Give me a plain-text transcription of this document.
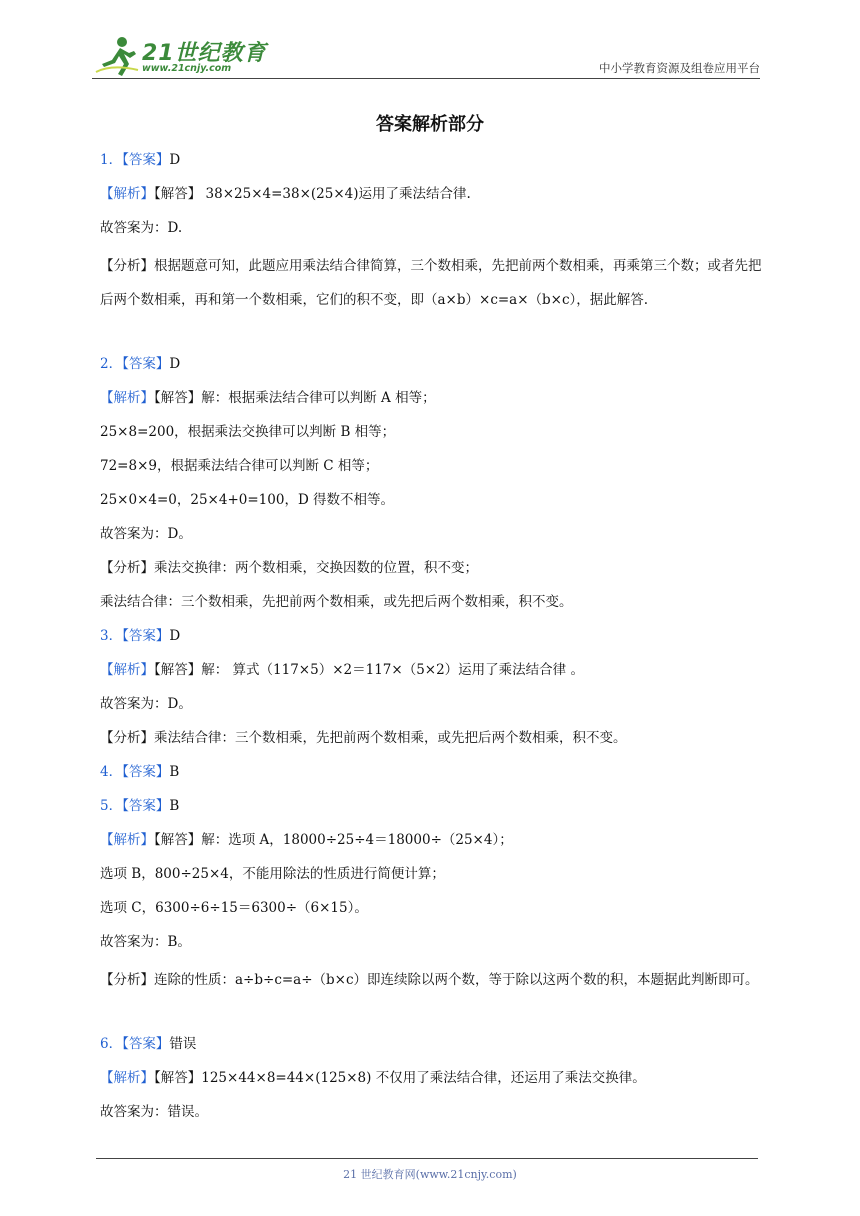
21世纪教育
www.21cnjy.com	中小学教育资源及组卷应用平台
答案解析部分
1．【答案】D
【解析】【解答】 38×25×4=38×(25×4)运用了乘法结合律.
故答案为：D.
【分析】根据题意可知，此题应用乘法结合律简算，三个数相乘，先把前两个数相乘，再乘第三个数；或者先把后两个数相乘，再和第一个数相乘，它们的积不变，即（a×b）×c=a×（b×c），据此解答.
2．【答案】D
【解析】【解答】解：根据乘法结合律可以判断 A 相等；
25×8=200，根据乘法交换律可以判断 B 相等；
72=8×9，根据乘法结合律可以判断 C 相等；
25×0×4=0，25×4+0=100，D 得数不相等。
故答案为：D。
【分析】乘法交换律：两个数相乘，交换因数的位置，积不变；
乘法结合律：三个数相乘，先把前两个数相乘，或先把后两个数相乘，积不变。
3．【答案】D
【解析】【解答】解： 算式（117×5）×2＝117×（5×2）运用了乘法结合律 。
故答案为：D。
【分析】乘法结合律：三个数相乘，先把前两个数相乘，或先把后两个数相乘，积不变。
4．【答案】B
5．【答案】B
【解析】【解答】解：选项 A，18000÷25÷4＝18000÷（25×4）；
选项 B，800÷25×4，不能用除法的性质进行简便计算；
选项 C，6300÷6÷15＝6300÷（6×15）。
故答案为：B。
【分析】连除的性质：a÷b÷c=a÷（b×c）即连续除以两个数，等于除以这两个数的积，本题据此判断即可。
6．【答案】错误
【解析】【解答】125×44×8=44×(125×8) 不仅用了乘法结合律，还运用了乘法交换律。
故答案为：错误。
21 世纪教育网(www.21cnjy.com)
